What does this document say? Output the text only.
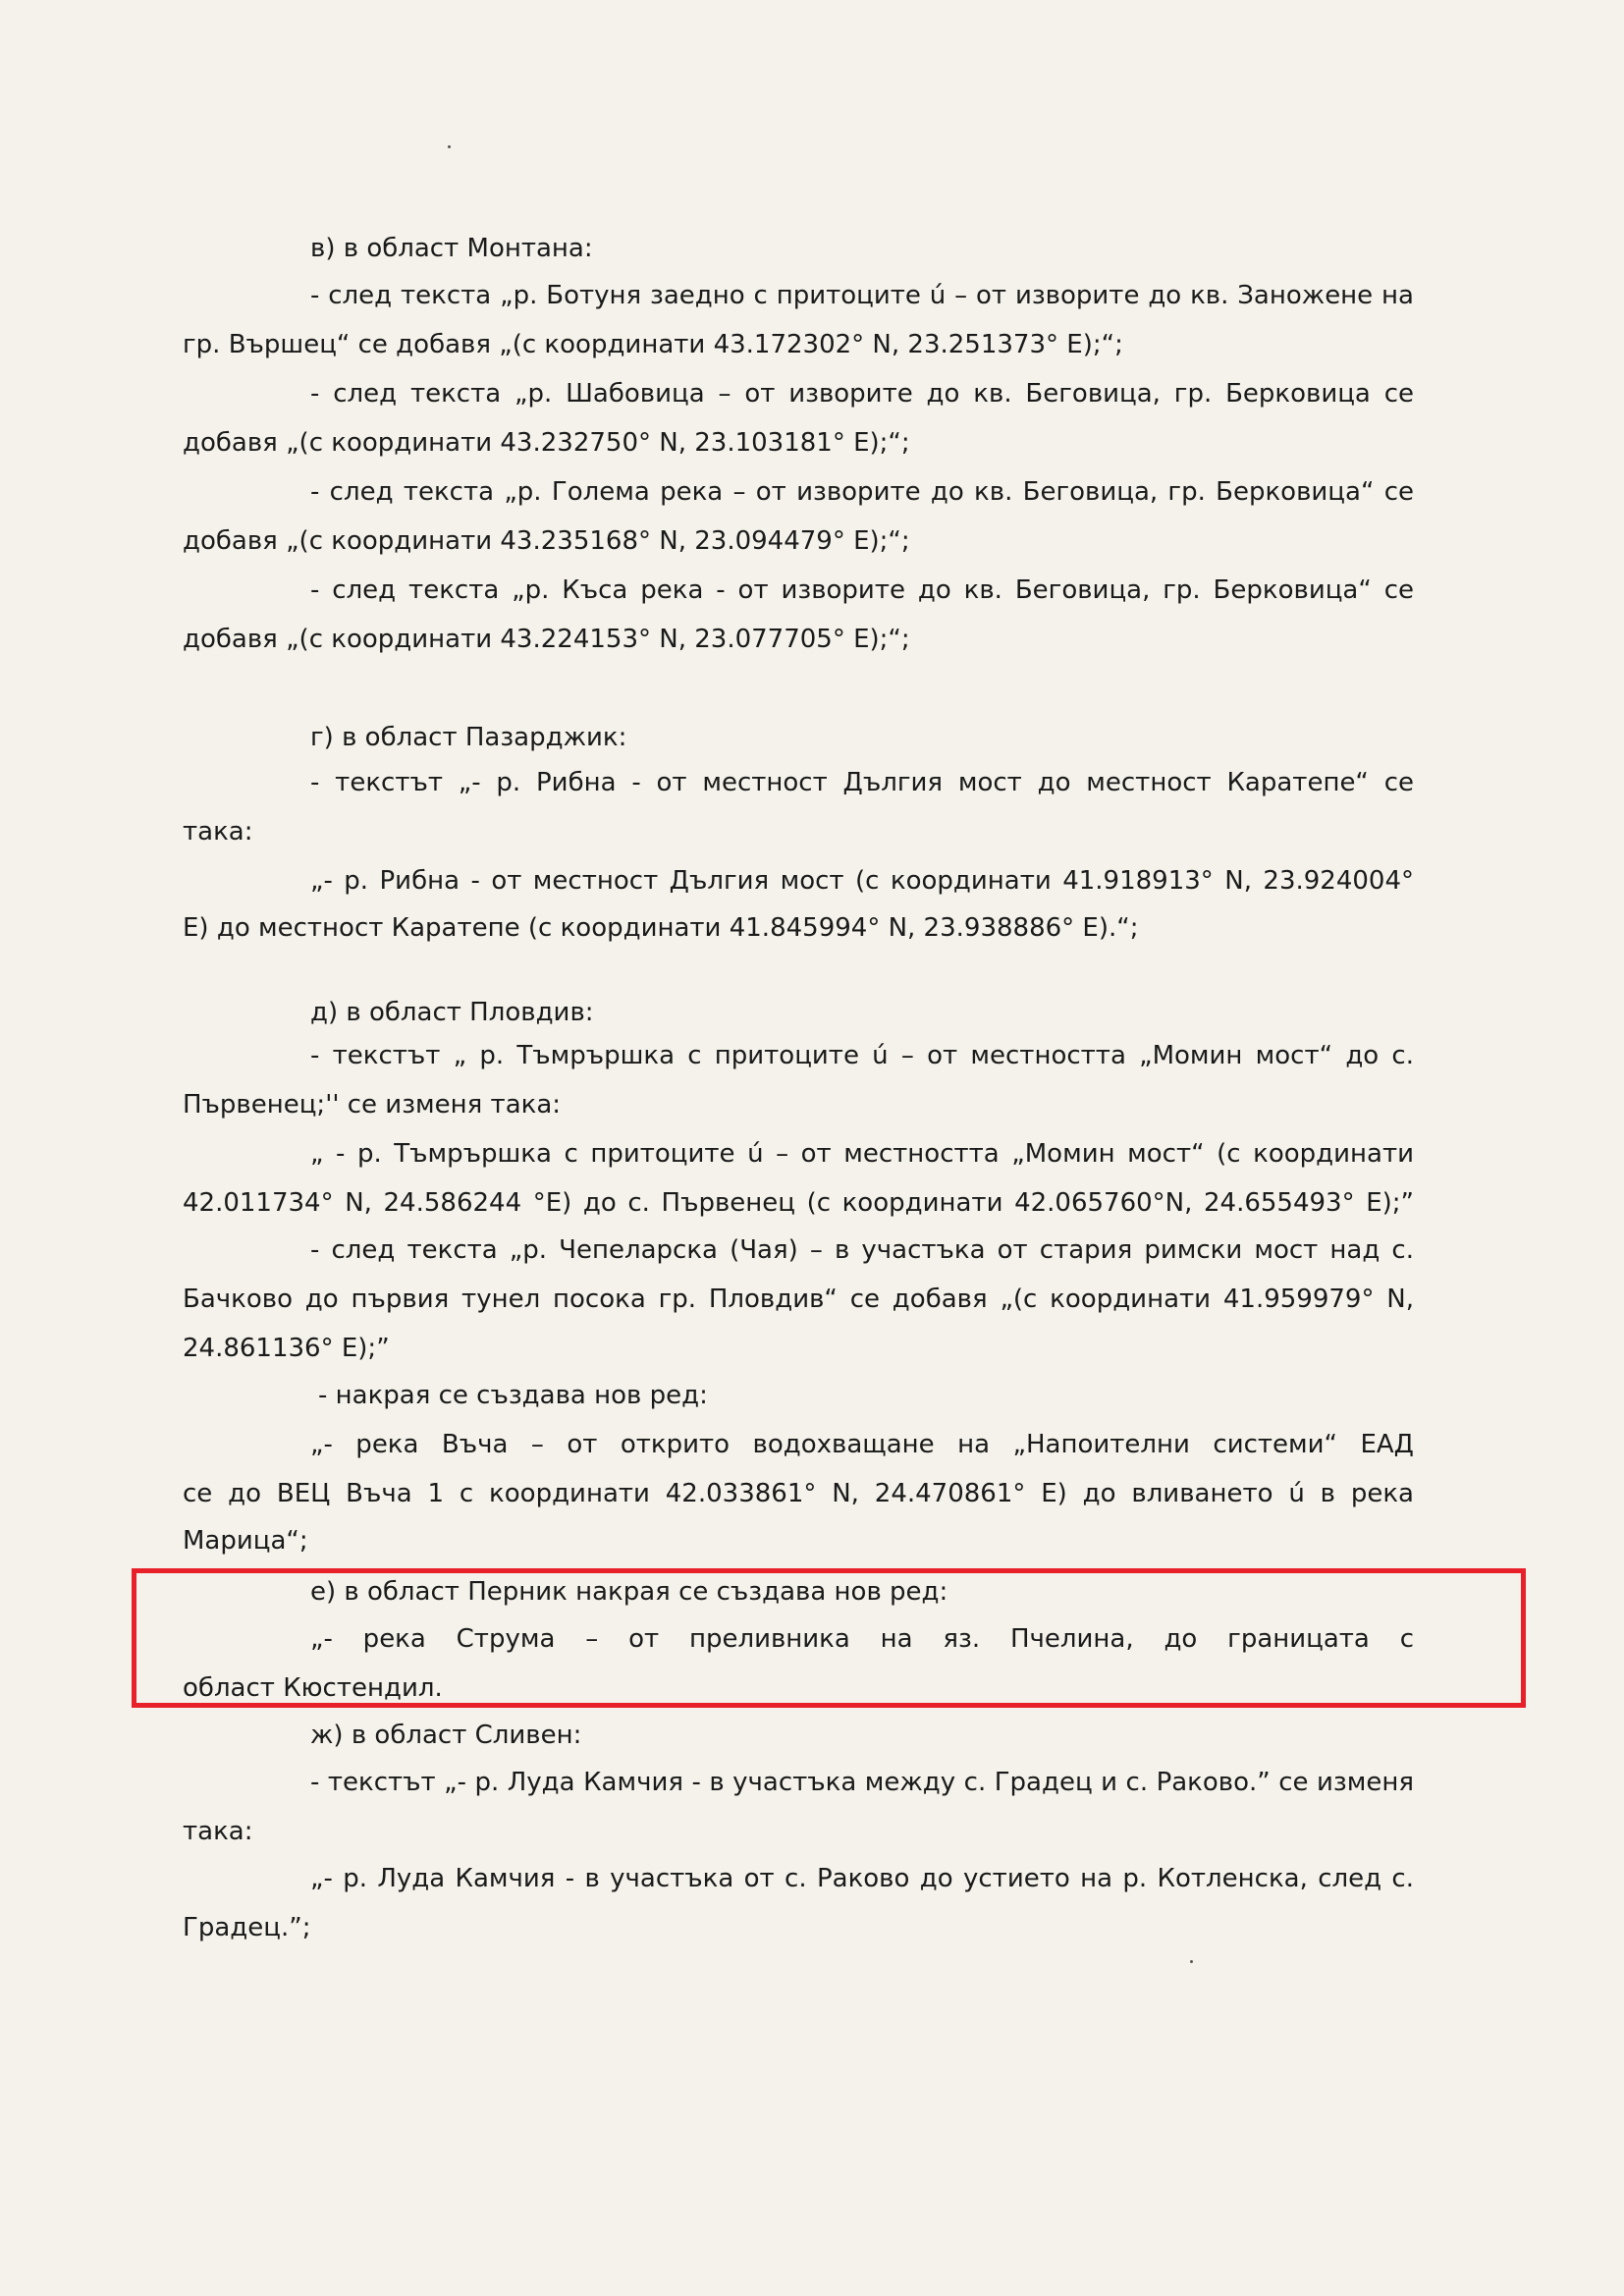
в) в област Монтана:
- след текста „р. Ботуня заедно с притоците ú – от изворите до кв. Заножене на
гр. Вършец“ се добавя „(с координати 43.172302° N, 23.251373° E);“;
- след текста „р. Шабовица – от изворите до кв. Беговица, гр. Берковица се
добавя „(с координати 43.232750° N, 23.103181° E);“;
- след текста „р. Голема река – от изворите до кв. Беговица, гр. Берковица“ се
добавя „(с координати 43.235168° N, 23.094479° E);“;
- след текста „р. Къса река - от изворите до кв. Беговица, гр. Берковица“ се
добавя „(с координати 43.224153° N, 23.077705° E);“;
г) в област Пазарджик:
- текстът „- р. Рибна - от местност Дългия мост до местност Каратепе“ се
така:
„- р. Рибна - от местност Дългия мост (с координати 41.918913° N, 23.924004°
E) до местност Каратепе (с координати 41.845994° N, 23.938886° E).“;
д) в област Пловдив:
- текстът „ р. Тъмрършка с притоците ú – от местността „Момин мост“ до с.
Първенец;'' се изменя така:
„ - р. Тъмрършка с притоците ú – от местността „Момин мост“ (с координати
42.011734° N, 24.586244 °E) до с. Първенец (с координати 42.065760°N, 24.655493° E);”
- след текста „р. Чепеларска (Чая) – в участъка от стария римски мост над с.
Бачково до първия тунел посока гр. Пловдив“ се добавя „(с координати 41.959979° N,
24.861136° E);”
- накрая се създава нов ред:
„- река Въча – от открито водохващане на „Напоителни системи“ ЕАД
се до ВЕЦ Въча 1 с координати 42.033861° N, 24.470861° E) до вливането ú в река
Марица“;
е) в област Перник накрая се създава нов ред:
„- река Струма – от преливника на яз. Пчелина, до границата с
област Кюстендил.
ж) в област Сливен:
- текстът „- р. Луда Камчия - в участъка между с. Градец и с. Раково.” се изменя
така:
„- р. Луда Камчия - в участъка от с. Раково до устието на р. Котленска, след с.
Градец.”;
